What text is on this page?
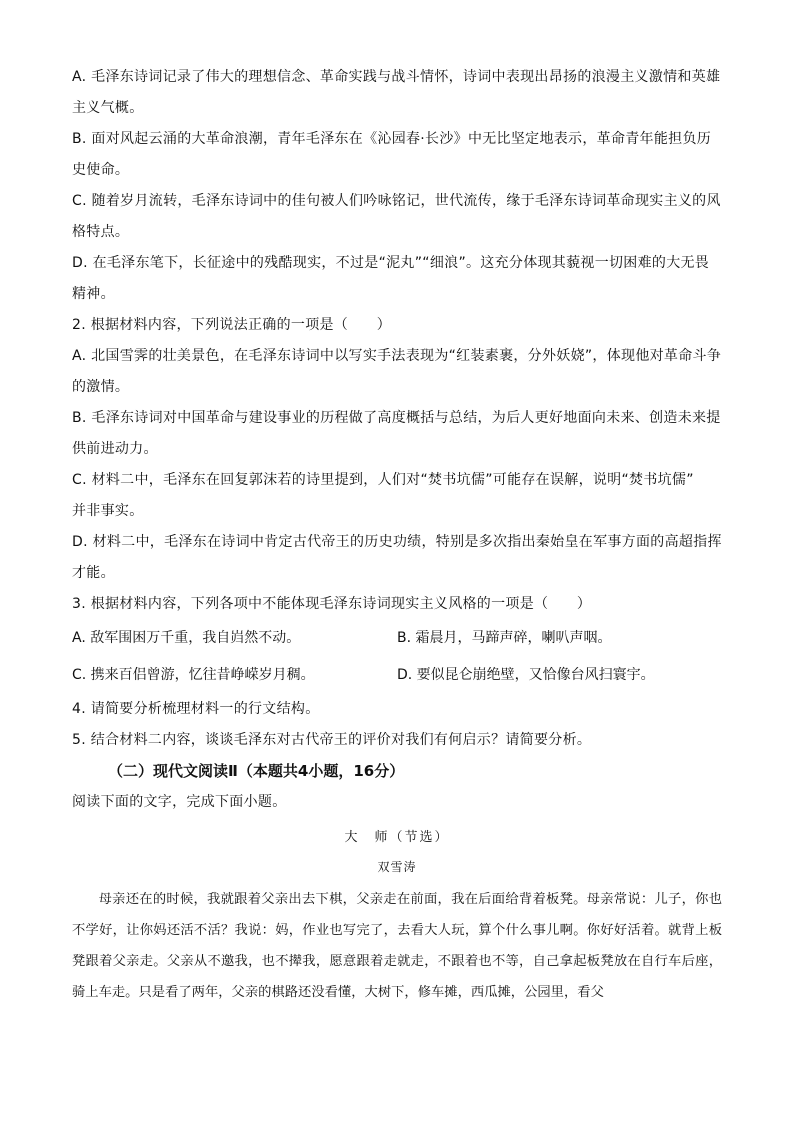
A. 毛泽东诗词记录了伟大的理想信念、革命实践与战斗情怀，诗词中表现出昂扬的浪漫主义激情和英雄
主义气概。
B. 面对风起云涌的大革命浪潮，青年毛泽东在《沁园春·长沙》中无比坚定地表示，革命青年能担负历
史使命。
C. 随着岁月流转，毛泽东诗词中的佳句被人们吟咏铭记，世代流传，缘于毛泽东诗词革命现实主义的风
格特点。
D. 在毛泽东笔下，长征途中的残酷现实，不过是“泥丸”“细浪”。这充分体现其藐视一切困难的大无畏
精神。
2. 根据材料内容，下列说法正确的一项是（　　）
A. 北国雪霁的壮美景色，在毛泽东诗词中以写实手法表现为“红装素裹，分外妖娆”，体现他对革命斗争
的激情。
B. 毛泽东诗词对中国革命与建设事业的历程做了高度概括与总结，为后人更好地面向未来、创造未来提
供前进动力。
C. 材料二中，毛泽东在回复郭沫若的诗里提到，人们对“焚书坑儒”可能存在误解，说明“焚书坑儒”
并非事实。
D. 材料二中，毛泽东在诗词中肯定古代帝王的历史功绩，特别是多次指出秦始皇在军事方面的高超指挥
才能。
3. 根据材料内容，下列各项中不能体现毛泽东诗词现实主义风格的一项是（　　）
A. 敌军围困万千重，我自岿然不动。	B. 霜晨月，马蹄声碎，喇叭声咽。
C. 携来百侣曾游，忆往昔峥嵘岁月稠。	D. 要似昆仑崩绝壁，又恰像台风扫寰宇。
4. 请简要分析梳理材料一的行文结构。
5. 结合材料二内容，谈谈毛泽东对古代帝王的评价对我们有何启示？请简要分析。
（二）现代文阅读Ⅱ（本题共4小题，16分）
阅读下面的文字，完成下面小题。
大　师（节选）
双雪涛

母亲还在的时候，我就跟着父亲出去下棋，父亲走在前面，我在后面给背着板凳。母亲常说：儿子，你也不学好，让你妈还活不活？我说：妈，作业也写完了，去看大人玩，算个什么事儿啊。你好好活着。就背上板凳跟着父亲走。父亲从不邀我，也不撵我，愿意跟着走就走，不跟着也不等，自己拿起板凳放在自行车后座，骑上车走。只是看了两年，父亲的棋路还没看懂，大树下，修车摊，西瓜摊，公园里，看父
